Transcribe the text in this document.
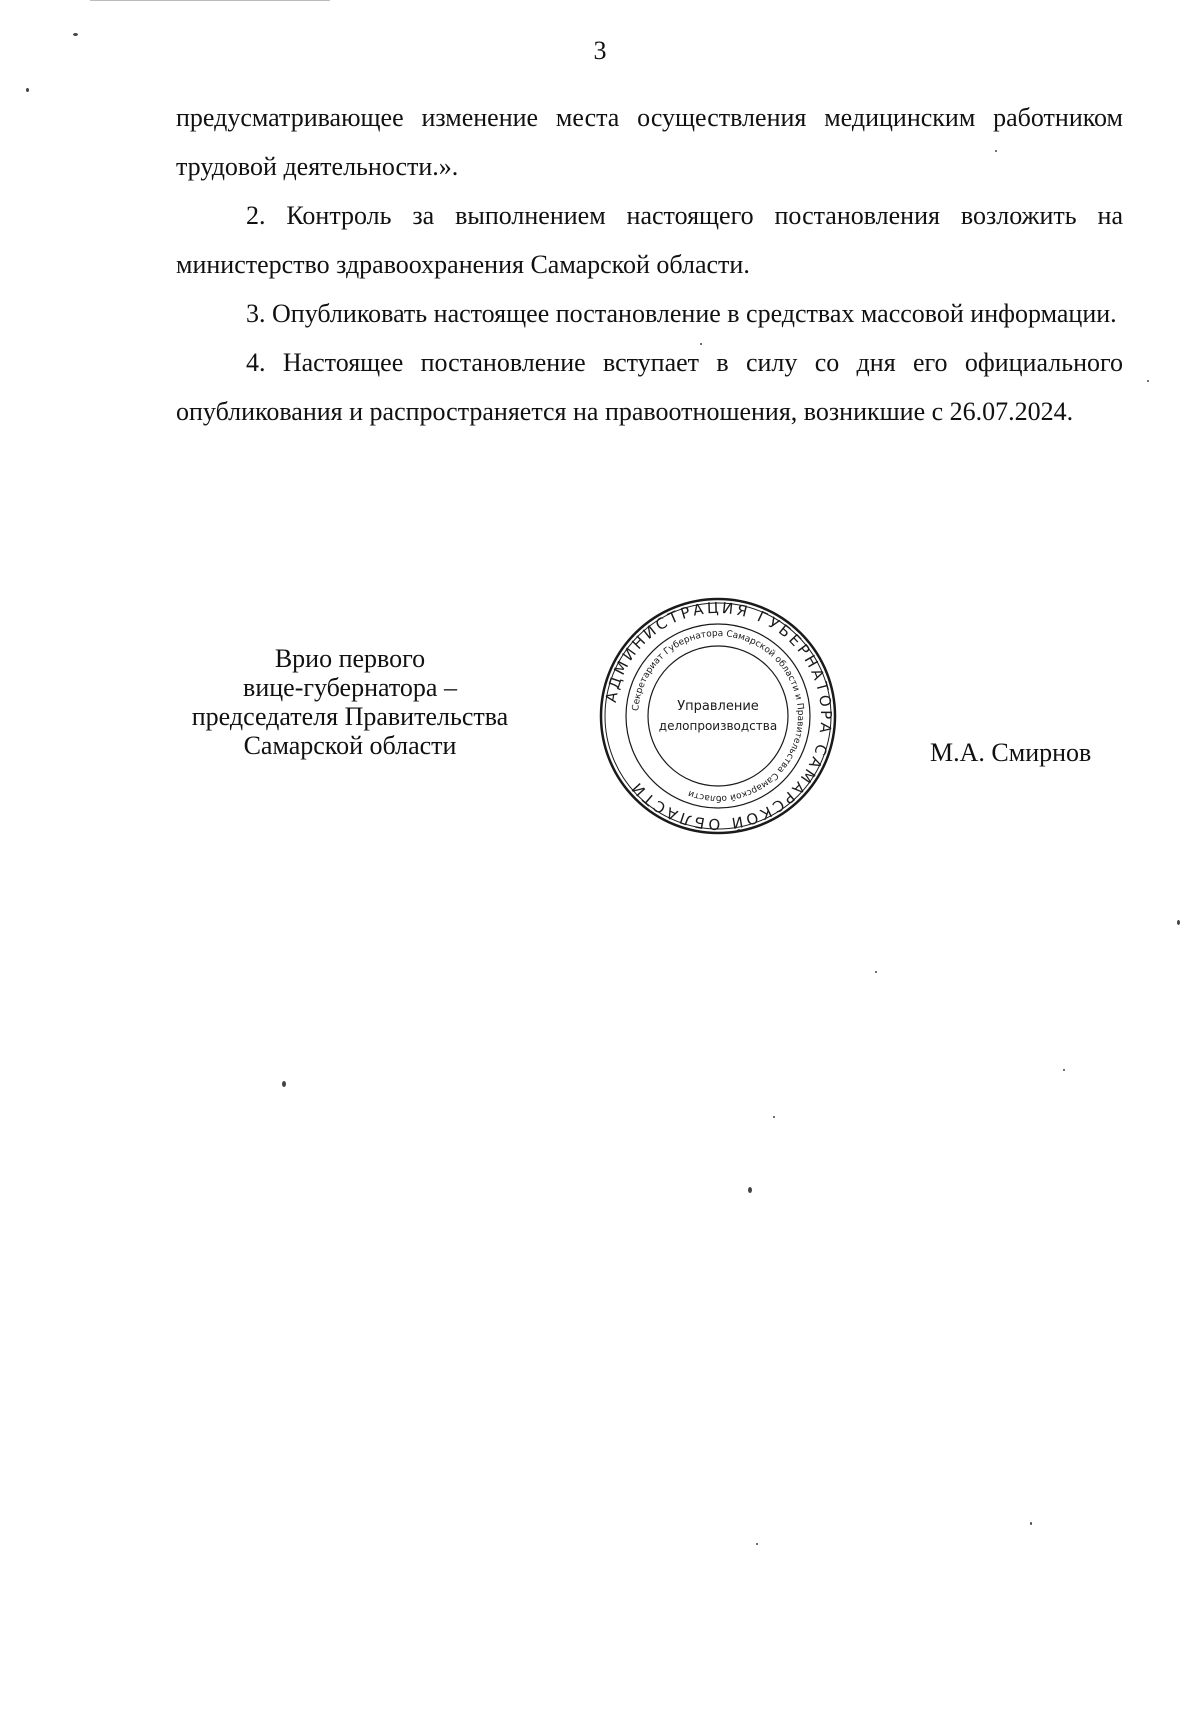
3

предусматривающее изменение места осуществления медицинским работником трудовой деятельности.».

2. Контроль за выполнением настоящего постановления возложить на министерство здравоохранения Самарской области.

3. Опубликовать настоящее постановление в средствах массовой информации.

4. Настоящее постановление вступает в силу со дня его официального опубликования и распространяется на правоотношения, возникшие с 26.07.2024.

Врио первого
вице-губернатора –
председателя Правительства
Самарской области	М.А. Смирнов
АДМИНИСТРАЦИЯ ГУБЕРНАТОРА САМАРСКОЙ ОБЛАСТИ
Секретариат Губернатора Самарской области и Правительства Самарской области
Управление
делопроизводства
